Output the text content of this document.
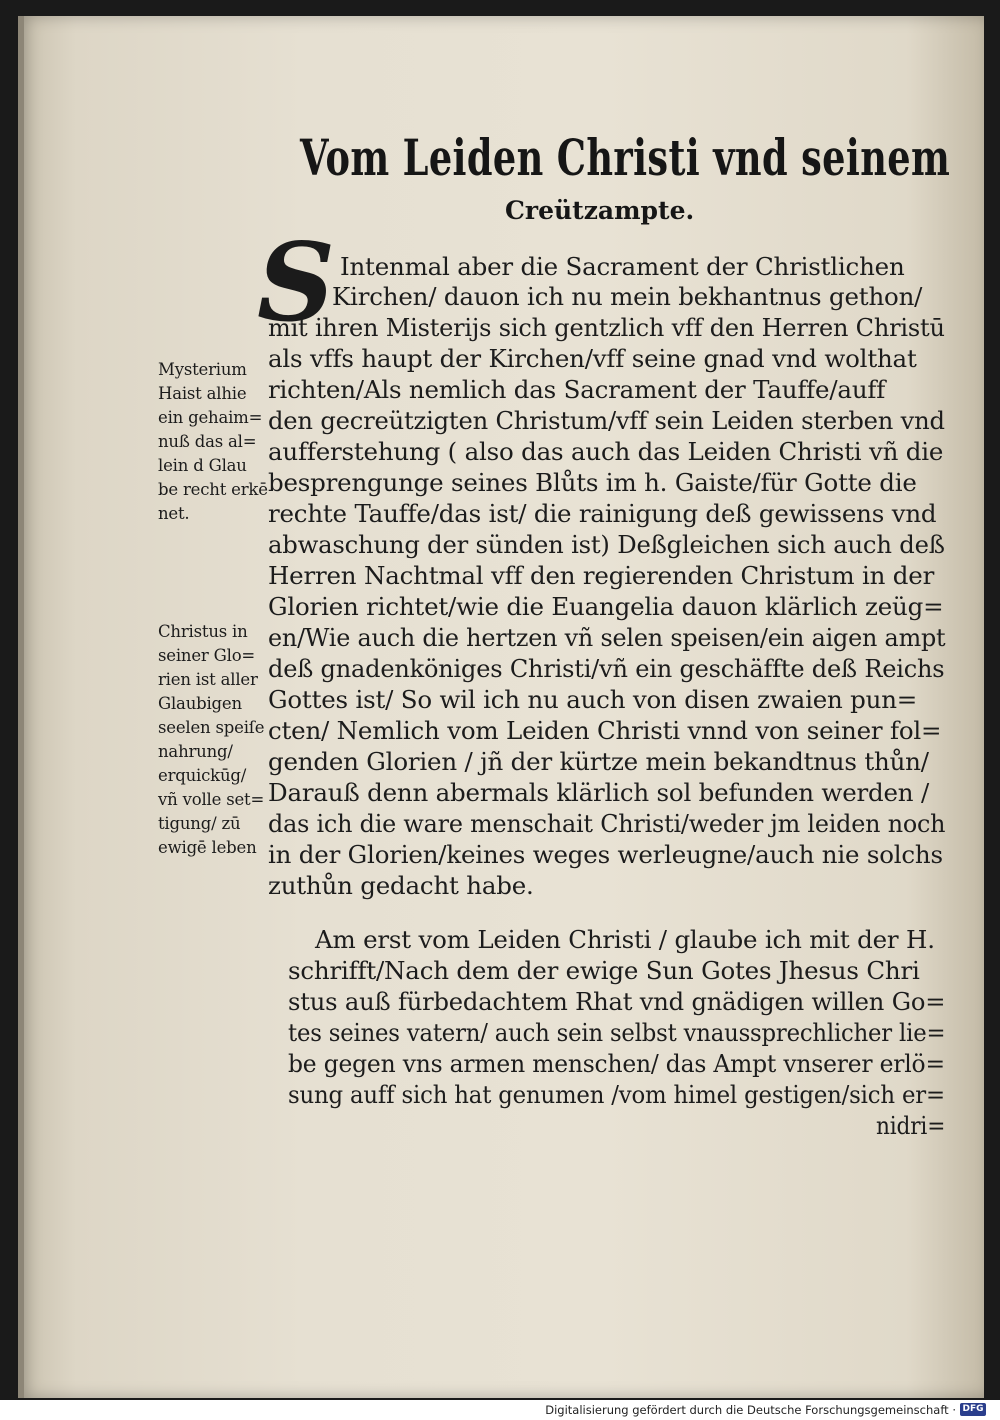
Vom Leiden Christi vnd seinem
Creützampte.
S Intenmal aber die Sacrament der Christlichen
Kirchen/ dauon ich nu mein bekhantnus gethon/
mit ihren Misterijs sich gentzlich vff den Herren Christū
als vffs haupt der Kirchen/vff seine gnad vnd wolthat
richten/Als nemlich das Sacrament der Tauffe/auff
den gecreützigten Christum/vff sein Leiden sterben vnd
aufferstehung ( also das auch das Leiden Christi vñ die
besprengunge seines Blůts im h. Gaiste/für Gotte die
rechte Tauffe/das ist/ die rainigung deß gewissens vnd
abwaschung der sünden ist) Deßgleichen sich auch deß
Herren Nachtmal vff den regierenden Christum in der
Glorien richtet/wie die Euangelia dauon klärlich zeüg=
en/Wie auch die hertzen vñ selen speisen/ein aigen ampt
deß gnadenköniges Christi/vñ ein geschäffte deß Reichs
Gottes ist/ So wil ich nu auch von disen zwaien pun=
cten/ Nemlich vom Leiden Christi vnnd von seiner fol=
genden Glorien / jñ der kürtze mein bekandtnus thůn/
Darauß denn abermals klärlich sol befunden werden /
das ich die ware menschait Christi/weder jm leiden noch
in der Glorien/keines weges werleugne/auch nie solchs
zuthůn gedacht habe.
Am erst vom Leiden Christi / glaube ich mit der H.
schrifft/Nach dem der ewige Sun Gotes Jhesus Chri
stus auß fürbedachtem Rhat vnd gnädigen willen Go=
tes seines vatern/ auch sein selbst vnaussprechlicher lie=
be gegen vns armen menschen/ das Ampt vnserer erlö=
sung auff sich hat genumen /vom himel gestigen/sich er=
nidri=
Mysterium
Haist alhie
ein gehaim=
nuß das al=
lein d Glau
be recht erkē
net.
Christus in
seiner Glo=
rien ist aller
Glaubigen
seelen speiſe
nahrung/
erquickūg/
vñ volle set=
tigung/ zū
ewigē leben
Digitalisierung gefördert durch die Deutsche Forschungsgemeinschaft · DFG
